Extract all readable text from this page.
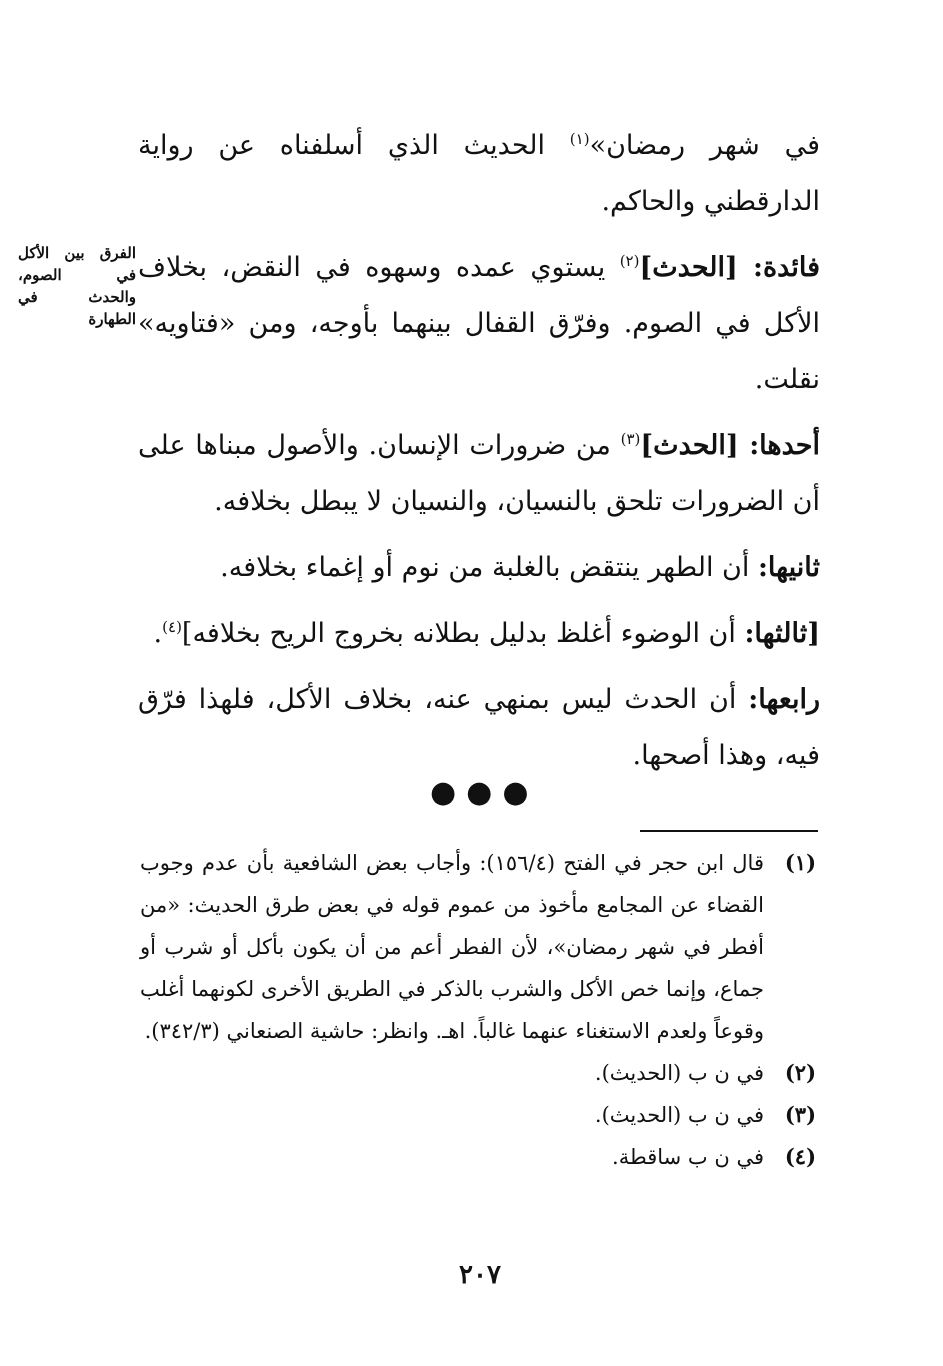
في شهر رمضان»$^{(١)}$ الحديث الذي أسلفناه عن رواية الدارقطني والحاكم.

فائدة: [الحدث]$^{(٢)}$ يستوي عمده وسهوه في النقض، بخلاف الأكل في الصوم. وفرّق القفال بينهما بأوجه، ومن «فتاويه» نقلت.

أحدها: [الحدث]$^{(٣)}$ من ضرورات الإنسان. والأصول مبناها على أن الضرورات تلحق بالنسيان، والنسيان لا يبطل بخلافه.

ثانيها: أن الطهر ينتقض بالغلبة من نوم أو إغماء بخلافه.

[ثالثها: أن الوضوء أغلظ بدليل بطلانه بخروج الريح بخلافه]$^{(٤)}$.

رابعها: أن الحدث ليس بمنهي عنه، بخلاف الأكل، فلهذا فرّق فيه، وهذا أصحها.

الفرق بين الأكل في الصوم، والحدث في الطهارة
●●●
(١)
قال ابن حجر في الفتح (١٥٦/٤): وأجاب بعض الشافعية بأن عدم وجوب القضاء عن المجامع مأخوذ من عموم قوله في بعض طرق الحديث: «من أفطر في شهر رمضان»، لأن الفطر أعم من أن يكون بأكل أو شرب أو جماع، وإنما خص الأكل والشرب بالذكر في الطريق الأخرى لكونهما أغلب وقوعاً ولعدم الاستغناء عنهما غالباً. اهـ. وانظر: حاشية الصنعاني (٣٤٢/٣).
(٢)
في ن ب (الحديث).
(٣)
في ن ب (الحديث).
(٤)
في ن ب ساقطة.
٢٠٧
